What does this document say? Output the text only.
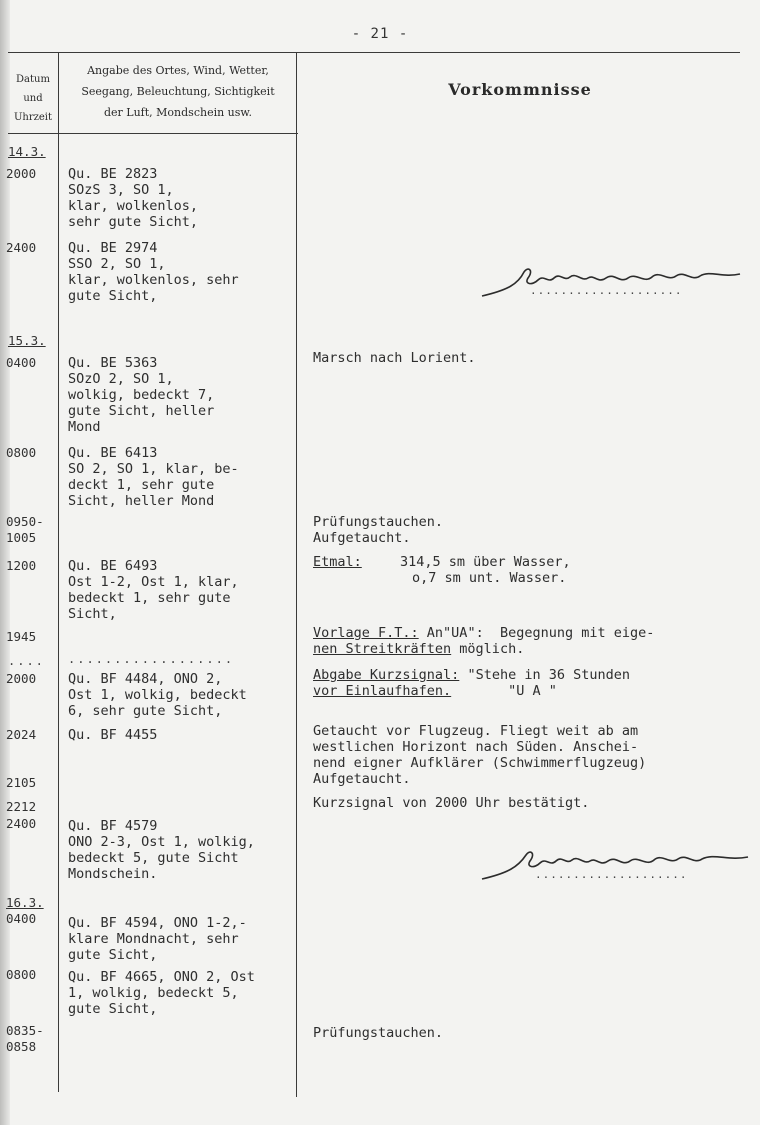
- 21 -
Datum
und
Uhrzeit
Angabe des Ortes, Wind, Wetter,
Seegang, Beleuchtung, Sichtigkeit
der Luft, Mondschein usw.
Vorkommnisse
14.3.
15.3.
16.3.
2000
2400
0400
0800
0950-
1005
1200
1945
2000
2024
2105
2212
2400
0400
0800
0835-
0858
.... ..................
Qu. BE 2823
SOzS 3, SO 1,
klar, wolkenlos,
sehr gute Sicht,
Qu. BE 2974
SSO 2, SO 1,
klar, wolkenlos, sehr
gute Sicht,
Qu. BE 5363
SOzO 2, SO 1,
wolkig, bedeckt 7,
gute Sicht, heller
Mond
Qu. BE 6413
SO 2, SO 1, klar, be-
deckt 1, sehr gute
Sicht, heller Mond
Qu. BE 6493
Ost 1-2, Ost 1, klar,
bedeckt 1, sehr gute
Sicht,
Qu. BF 4484, ONO 2,
Ost 1, wolkig, bedeckt
6, sehr gute Sicht,
Qu. BF 4455
Qu. BF 4579
ONO 2-3, Ost 1, wolkig,
bedeckt 5, gute Sicht
Mondschein.
Qu. BF 4594, ONO 1-2,-
klare Mondnacht, sehr
gute Sicht,
Qu. BF 4665, ONO 2, Ost
1, wolkig, bedeckt 5,
gute Sicht,
Marsch nach Lorient.
Prüfungstauchen.
Aufgetaucht.
Etmal:	314,5 sm über Wasser,
o,7 sm unt. Wasser.
Vorlage F.T.: An"UA":  Begegnung mit eige-
nen Streitkräften möglich.
Abgabe Kurzsignal: "Stehe in 36 Stunden
vor Einlaufhafen.       "U A "
Getaucht vor Flugzeug. Fliegt weit ab am
westlichen Horizont nach Süden. Anschei-
nend eigner Aufklärer (Schwimmerflugzeug)
Aufgetaucht.
Kurzsignal von 2000 Uhr bestätigt.
Prüfungstauchen.
Eckermann
....................
Eckermann
....................
